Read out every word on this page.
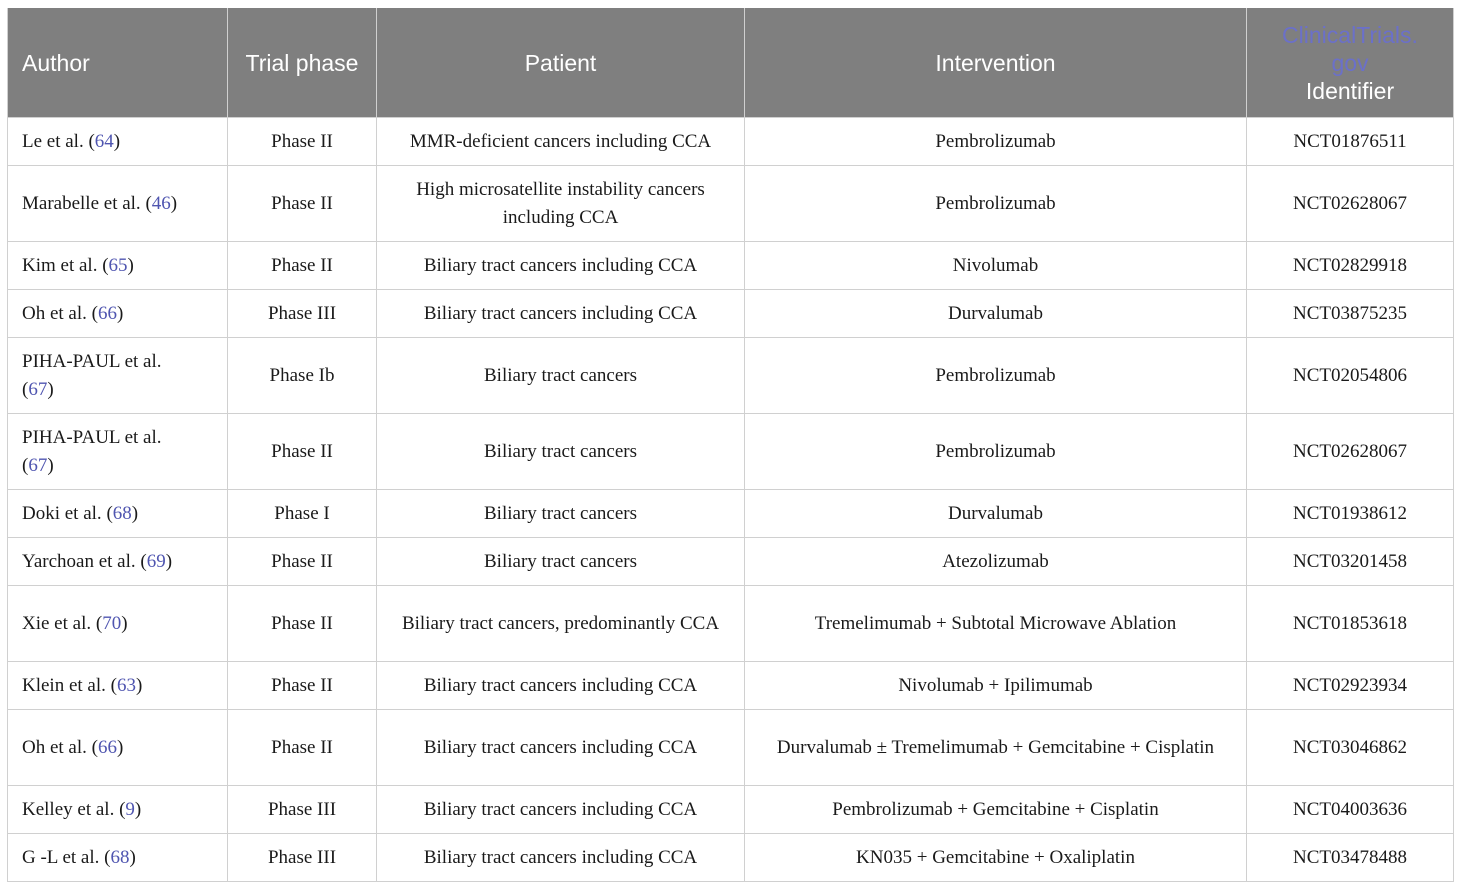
Author	Trial phase	Patient	Intervention	ClinicalTrials.
gov
Identifier
Le et al. (64)	Phase II	MMR-deficient cancers including CCA	Pembrolizumab	NCT01876511
Marabelle et al. (46)	Phase II	High microsatellite instability cancers including CCA	Pembrolizumab	NCT02628067
Kim et al. (65)	Phase II	Biliary tract cancers including CCA	Nivolumab	NCT02829918
Oh et al. (66)	Phase III	Biliary tract cancers including CCA	Durvalumab	NCT03875235
PIHA-PAUL et al.
(67)	Phase Ib	Biliary tract cancers	Pembrolizumab	NCT02054806
PIHA-PAUL et al.
(67)	Phase II	Biliary tract cancers	Pembrolizumab	NCT02628067
Doki et al. (68)	Phase I	Biliary tract cancers	Durvalumab	NCT01938612
Yarchoan et al. (69)	Phase II	Biliary tract cancers	Atezolizumab	NCT03201458
Xie et al. (70)	Phase II	Biliary tract cancers, predominantly CCA	Tremelimumab + Subtotal Microwave Ablation	NCT01853618
Klein et al. (63)	Phase II	Biliary tract cancers including CCA	Nivolumab + Ipilimumab	NCT02923934
Oh et al. (66)	Phase II	Biliary tract cancers including CCA	Durvalumab ± Tremelimumab + Gemcitabine + Cisplatin	NCT03046862
Kelley et al. (9)	Phase III	Biliary tract cancers including CCA	Pembrolizumab + Gemcitabine + Cisplatin	NCT04003636
G -L et al. (68)	Phase III	Biliary tract cancers including CCA	KN035 + Gemcitabine + Oxaliplatin	NCT03478488
